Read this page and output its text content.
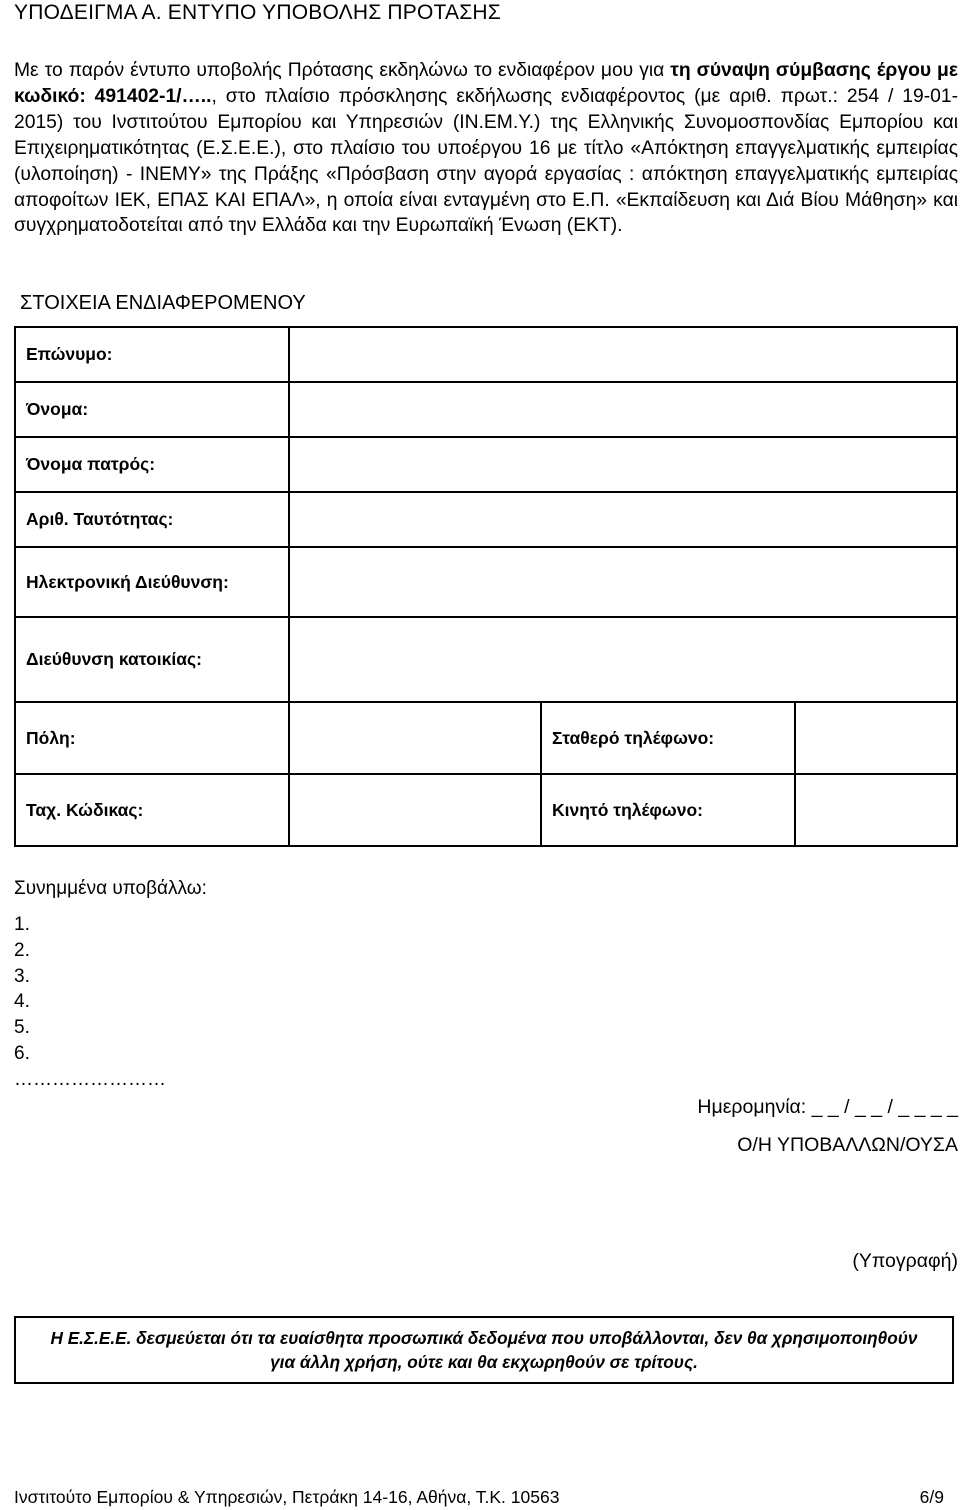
ΥΠΟΔΕΙΓΜΑ Α. ΕΝΤΥΠΟ ΥΠΟΒΟΛΗΣ ΠΡΟΤΑΣΗΣ
Με το παρόν έντυπο υποβολής Πρότασης εκδηλώνω το ενδιαφέρον μου για τη σύναψη σύμβασης έργου με κωδικό: 491402-1/….., στο πλαίσιο πρόσκλησης εκδήλωσης ενδιαφέροντος (με αριθ. πρωτ.: 254 / 19-01-2015) του Ινστιτούτου Εμπορίου και Υπηρεσιών (ΙΝ.ΕΜ.Υ.) της Ελληνικής Συνομοσπονδίας Εμπορίου και Επιχειρηματικότητας (Ε.Σ.Ε.Ε.), στο πλαίσιο του υποέργου 16 με τίτλο «Απόκτηση επαγγελματικής εμπειρίας (υλοποίηση) - ΙΝΕΜΥ» της Πράξης «Πρόσβαση στην αγορά εργασίας : απόκτηση επαγγελματικής εμπειρίας αποφοίτων ΙΕΚ, ΕΠΑΣ ΚΑΙ ΕΠΑΛ», η οποία είναι ενταγμένη στο Ε.Π. «Εκπαίδευση και Διά Βίου Μάθηση» και συγχρηματοδοτείται από την Ελλάδα και την Ευρωπαϊκή Ένωση (ΕΚΤ).
ΣΤΟΙΧΕΙΑ ΕΝΔΙΑΦΕΡΟΜΕΝΟΥ
Επώνυμο:			
Όνομα:			
Όνομα πατρός:			
Αριθ. Ταυτότητας:			
Ηλεκτρονική Διεύθυνση:			
Διεύθυνση κατοικίας:			
Πόλη:		Σταθερό τηλέφωνο:	
Ταχ. Κώδικας:		Κινητό τηλέφωνο:	
Συνημμένα υποβάλλω:
1.
2.
3.
4.
5.
6.
……………………
Ημερομηνία: _ _ / _ _ / _ _ _ _
Ο/Η ΥΠΟΒΑΛΛΩΝ/ΟΥΣΑ
(Υπογραφή)
Η Ε.Σ.Ε.Ε. δεσμεύεται ότι τα ευαίσθητα προσωπικά δεδομένα που υποβάλλονται, δεν θα χρησιμοποιηθούν για άλλη χρήση, ούτε και θα εκχωρηθούν σε τρίτους.
Ινστιτούτο Εμπορίου & Υπηρεσιών, Πετράκη 14-16, Αθήνα, Τ.Κ. 10563	6/9
